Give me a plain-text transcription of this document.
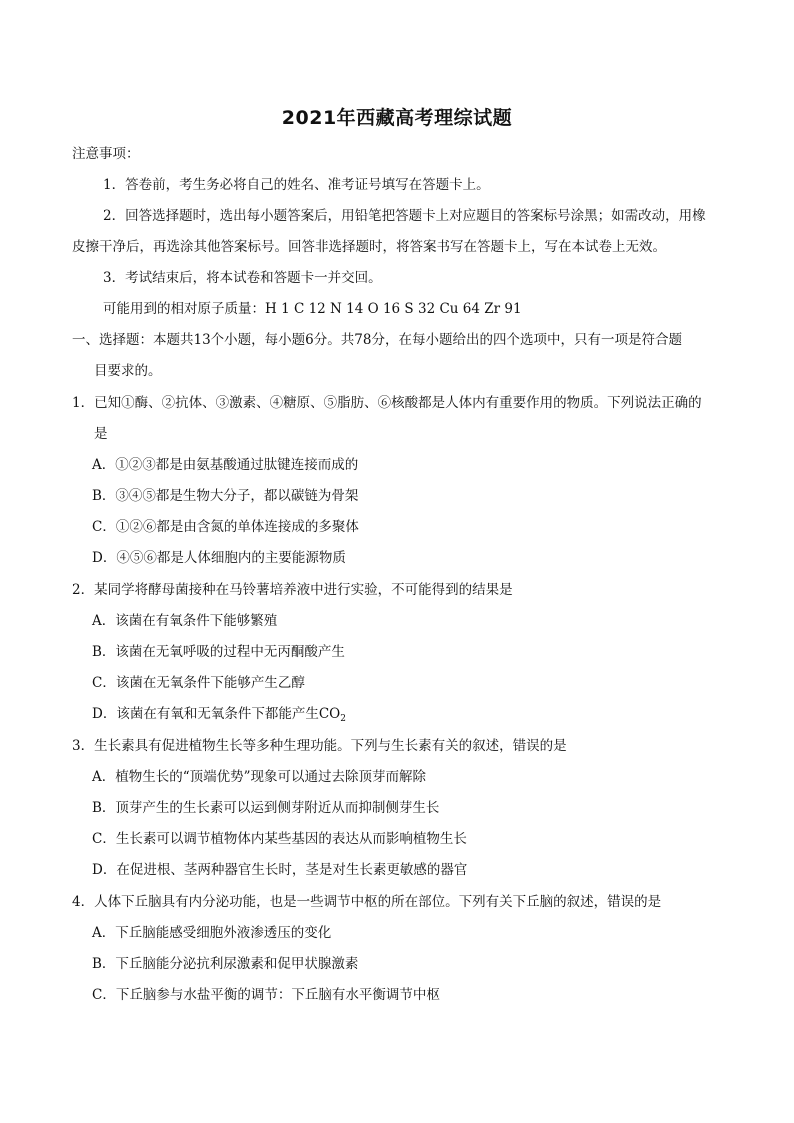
2021年西藏高考理综试题
注意事项：
1．答卷前，考生务必将自己的姓名、准考证号填写在答题卡上。
2．回答选择题时，选出每小题答案后，用铅笔把答题卡上对应题目的答案标号涂黑；如需改动，用橡
皮擦干净后，再选涂其他答案标号。回答非选择题时，将答案书写在答题卡上，写在本试卷上无效。
3．考试结束后，将本试卷和答题卡一并交回。
可能用到的相对原子质量：H 1 C 12 N 14 O 16 S 32 Cu 64 Zr 91
一、选择题：本题共13个小题，每小题6分。共78分，在每小题给出的四个选项中，只有一项是符合题
目要求的。
1．已知①酶、②抗体、③激素、④糖原、⑤脂肪、⑥核酸都是人体内有重要作用的物质。下列说法正确的
是
A．①②③都是由氨基酸通过肽键连接而成的
B．③④⑤都是生物大分子，都以碳链为骨架
C．①②⑥都是由含氮的单体连接成的多聚体
D．④⑤⑥都是人体细胞内的主要能源物质
2．某同学将酵母菌接种在马铃薯培养液中进行实验，不可能得到的结果是
A．该菌在有氧条件下能够繁殖
B．该菌在无氧呼吸的过程中无丙酮酸产生
C．该菌在无氧条件下能够产生乙醇
D．该菌在有氧和无氧条件下都能产生$CO_2$
3．生长素具有促进植物生长等多种生理功能。下列与生长素有关的叙述，错误的是
A．植物生长的“顶端优势”现象可以通过去除顶芽而解除
B．顶芽产生的生长素可以运到侧芽附近从而抑制侧芽生长
C．生长素可以调节植物体内某些基因的表达从而影响植物生长
D．在促进根、茎两种器官生长时，茎是对生长素更敏感的器官
4．人体下丘脑具有内分泌功能，也是一些调节中枢的所在部位。下列有关下丘脑的叙述，错误的是
A．下丘脑能感受细胞外液渗透压的变化
B．下丘脑能分泌抗利尿激素和促甲状腺激素
C．下丘脑参与水盐平衡的调节：下丘脑有水平衡调节中枢
